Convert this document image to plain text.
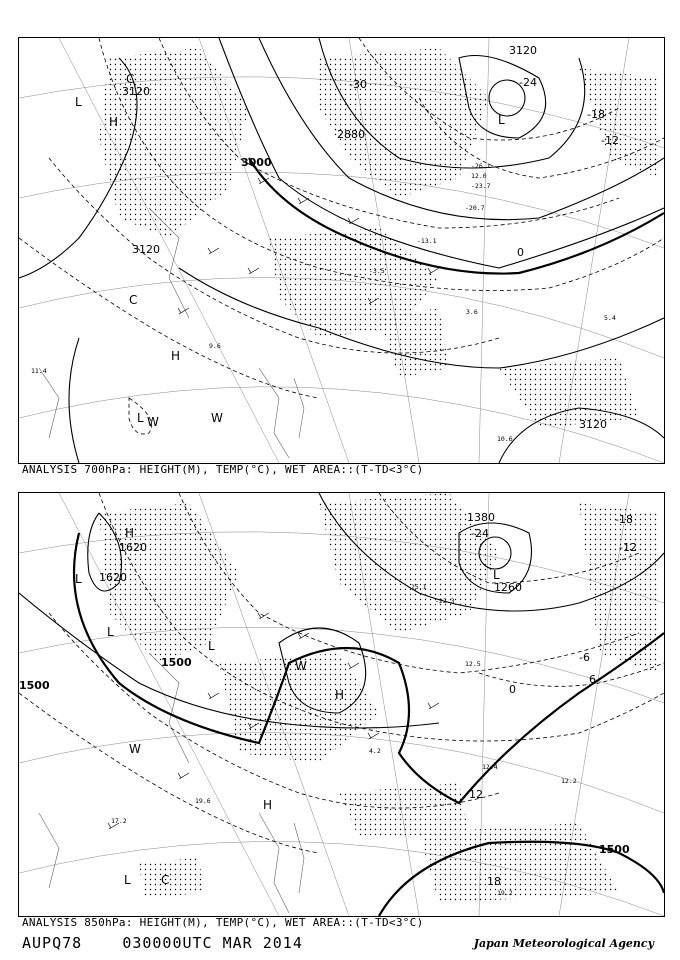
3000
3120
3120
2880
3120
3120
L
L
C
H
C
H
L W	W
-30	-24
-18
-12
0
-26.1
12.0
-23.7
-20.7
-13.1
-3.5
3.6
5.4
11.4
9.6
10.6
ANALYSIS 700hPa: HEIGHT(M), TEMP(°C), WET AREA::(T-TD<3°C)
1500
1500
1620
1620
1380
1260
1500
L
L
L
H
H
L
W
W
H
L	C
-24
-18
-12
-6
0
6
12
18
-25.1
-22.3
12.5
4.2
12.4
12.2
19.2
17.2
19.6
ANALYSIS 850hPa: HEIGHT(M), TEMP(°C), WET AREA::(T-TD<3°C)
AUPQ78	030000UTC MAR 2014	Japan Meteorological Agency
